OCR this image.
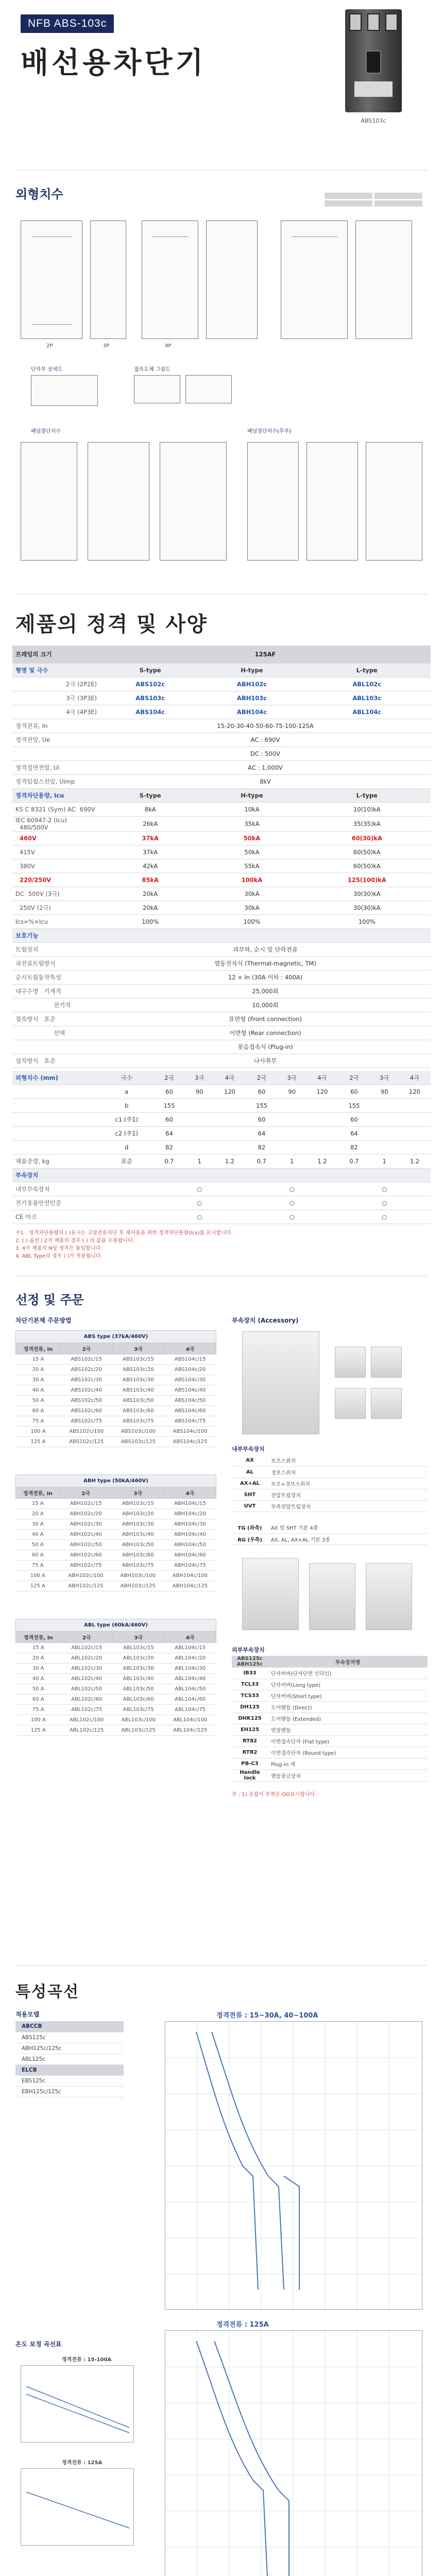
NFB ABS-103c
배선용차단기
ABS103c
외형치수
2P	3P	4P
단자부 상세도	접속도체 그림도
패널절단치수	패널절단치수(후부)
제품의 정격 및 사양
프레임의 크기	125AF		
형명 및 극수	S-type	H-type	L-type
2극 (2P2E)	ABS102c	ABH102c	ABL102c
3극 (3P3E)	ABS103c	ABH103c	ABL103c
4극 (4P3E)	ABS104c	ABH104c	ABL104c
정격전류, In	15-20-30-40-50-60-75-100-125A		
정격전압, Ue	AC : 690V		
	DC : 500V		
정격절연전압, Ui	AC : 1,000V		
정격임펄스전압, Uimp	8kV		
정격차단용량, Icu	S-type	H-type	L-type
KS C 8321 (Sym) AC 690V	8kA	10kA	10(10)kA
IEC 60947-2 (Icu) 480/500V	26kA	35kA	35(35)kA
460V	37kA	50kA	60(30)kA
415V	37kA	50kA	60(50)kA
380V	42kA	55kA	60(50)kA
220/250V	85kA	100kA	125(100)kA
DC 500V (3극)	20kA	30kA	30(30)kA
250V (2극)	20kA	30kA	30(30)kA
Ics=%×Icu	100%	100%	100%
보호기능			
트립장치	과부하, 순시 및 단락전류		
과전류트립방식	열동전자식 (Thermal-magnetic, TM)		
순시트립동작특성	12 × In (30A 이하 : 400A)		
내구수명 기계적	25,000회		
전기적	10,000회		
접속방식 표준	표면형 (Front connection)		
선택	이면형 (Rear connection)		
	꽂음접속식 (Plug-in)		
설치방식 표준	나사취부		
외형치수 (mm)	극수	2극	3극	4극	2극	3극	4극	2극	3극	4극
	a	60	90	120	60	90	120	60	90	120
	b	155			155			155		
	c1 (주1)	60			60			60		
	c2 (주1)	64			64			64		
	d	82			82			82		
제품중량, kg	표준	0.7	1	1.2	0.7	1	1.2	0.7	1	1.2
부속장치										
내부부속장치		○			○			○		
전기용품안전인증		○			○			○		
CE 마크		○			○			○		
주1 : 정격차단용량의 ( )표시는 고장전류차단 후 재사용을 위한 정격차단용량(Ics)를 표시합니다.
2. ( ) 옵션 / 2극 제품의 경우 ( ) 의 값을 수용합니다.
3. 4극 제품의 N상 정격은 동일합니다.
4. ABL Type의 경우 ( )가 적용됩니다.
선정 및 주문
차단기본체 주문방법	부속장치 (Accessory)
내부부속장치
AX	보조스위치
AL	경보스위치
AX+AL	보조+경보스위치
SHT	전압트립장치
UVT	부족전압트립장치
TG (좌측)	AX 및 SHT 기본 4종
RG (우측)	AX, AL, AX+AL 기본 3종
외부부속장치
ABS125c ABH125c	부속장치명
IB33	단자커버(단자단면 인라인)
TCL33	단자커버(Long type)
TCS33	단자커버(Short type)
DH125	도어핸들 (Direct)
DHK125	도어핸들 (Extended)
EH125	연장핸들
RT82	이면접속단자 (Flat type)
RTR2	이면접속단자 (Round type)
PB-C3	Plug-in 세
Handle lock	핸들잠금장치
주 : 1) 손잡이 부착은 OO표시합니다.
ABS type (37kA/460V)			
정격전류, In	2극	3극	4극
15 A	ABS102c/15	ABS103c/15	ABS104c/15
20 A	ABS102c/20	ABS103c/20	ABS104c/20
30 A	ABS102c/30	ABS103c/30	ABS104c/30
40 A	ABS102c/40	ABS103c/40	ABS104c/40
50 A	ABS102c/50	ABS103c/50	ABS104c/50
60 A	ABS102c/60	ABS103c/60	ABS104c/60
75 A	ABS102c/75	ABS103c/75	ABS104c/75
100 A	ABS102c/100	ABS103c/100	ABS104c/100
125 A	ABS102c/125	ABS103c/125	ABS104c/125
ABH type (50kA/460V)			
정격전류, In	2극	3극	4극
15 A	ABH102c/15	ABH103c/15	ABH104c/15
20 A	ABH102c/20	ABH103c/20	ABH104c/20
30 A	ABH102c/30	ABH103c/30	ABH104c/30
40 A	ABH102c/40	ABH103c/40	ABH104c/40
50 A	ABH102c/50	ABH103c/50	ABH104c/50
60 A	ABH102c/60	ABH103c/60	ABH104c/60
75 A	ABH102c/75	ABH103c/75	ABH104c/75
100 A	ABH102c/100	ABH103c/100	ABH104c/100
125 A	ABH102c/125	ABH103c/125	ABH104c/125
ABL type (60kA/460V)			
정격전류, In	2극	3극	4극
15 A	ABL102c/15	ABL103c/15	ABL104c/15
20 A	ABL102c/20	ABL103c/20	ABL104c/20
30 A	ABL102c/30	ABL103c/30	ABL104c/30
40 A	ABL102c/40	ABL103c/40	ABL104c/40
50 A	ABL102c/50	ABL103c/50	ABL104c/50
60 A	ABL102c/60	ABL103c/60	ABL104c/60
75 A	ABL102c/75	ABL103c/75	ABL104c/75
100 A	ABL102c/100	ABL103c/100	ABL104c/100
125 A	ABL102c/125	ABL103c/125	ABL104c/125
특성곡선
적용모델
ABCCB
ABS125c
ABH125c/125c
ABL125c
ELCB
EBS125c
EBH125c/125c
정격전류 : 15~30A, 40~100A
정격전류 : 125A
온도 보정 곡선표
정격전류 : 15-100A
정격전류 : 125A
